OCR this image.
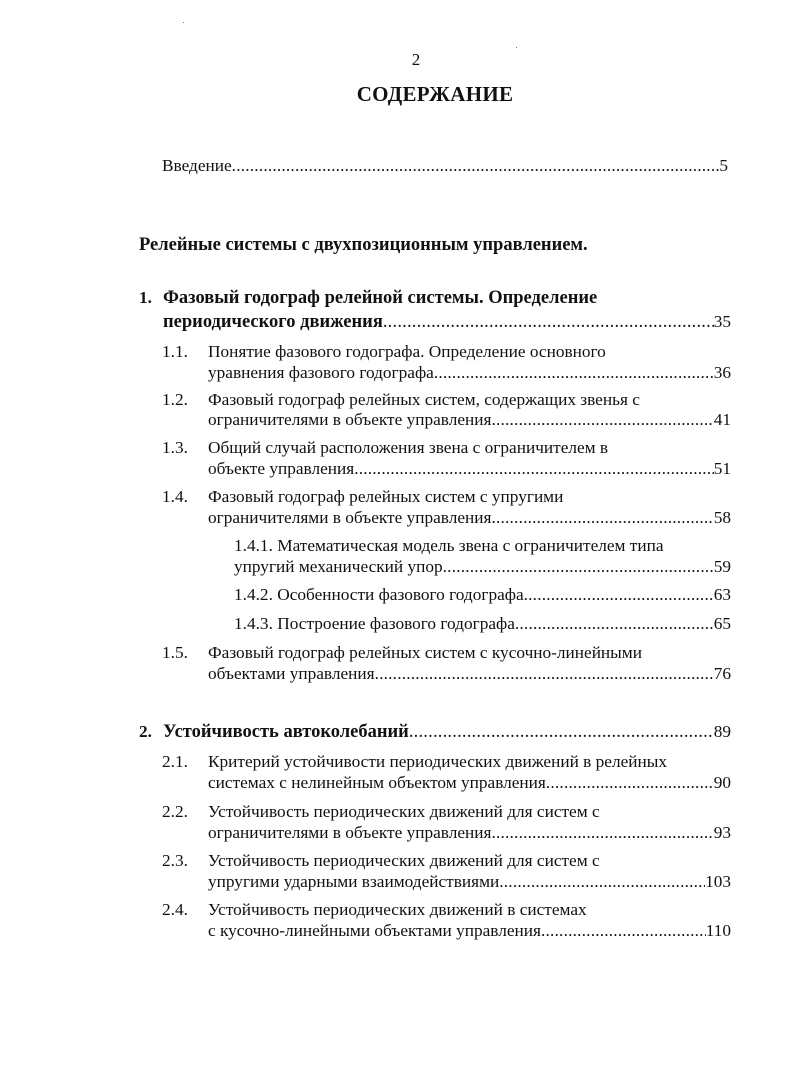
2
СОДЕРЖАНИЕ
Введение .....	5
Релейные системы с двухпозиционным управлением.
1. Фазовый годограф релейной системы. Определение
периодического движения .....	35
1.1. Понятие фазового годографа. Определение основного
уравнения фазового годографа .....	36
1.2. Фазовый годограф релейных систем, содержащих звенья с
ограничителями в объекте управления .....	41
1.3. Общий случай расположения звена с ограничителем в
объекте управления .....	51
1.4. Фазовый годограф релейных систем с упругими
ограничителями в объекте управления .....	58
1.4.1. Математическая модель звена с ограничителем типа
упругий механический упор .....	59
1.4.2. Особенности фазового годографа .....	63
1.4.3. Построение фазового годографа .....	65
1.5. Фазовый годограф релейных систем с кусочно-линейными
объектами управления .....	76
2. Устойчивость автоколебаний .....	89
2.1. Критерий устойчивости периодических движений в релейных
системах с нелинейным объектом управления .....	90
2.2. Устойчивость периодических движений для систем с
ограничителями в объекте управления .....	93
2.3. Устойчивость периодических движений для систем с
упругими ударными взаимодействиями .....	103
2.4. Устойчивость периодических движений в системах
с кусочно-линейными объектами управления .....	110
